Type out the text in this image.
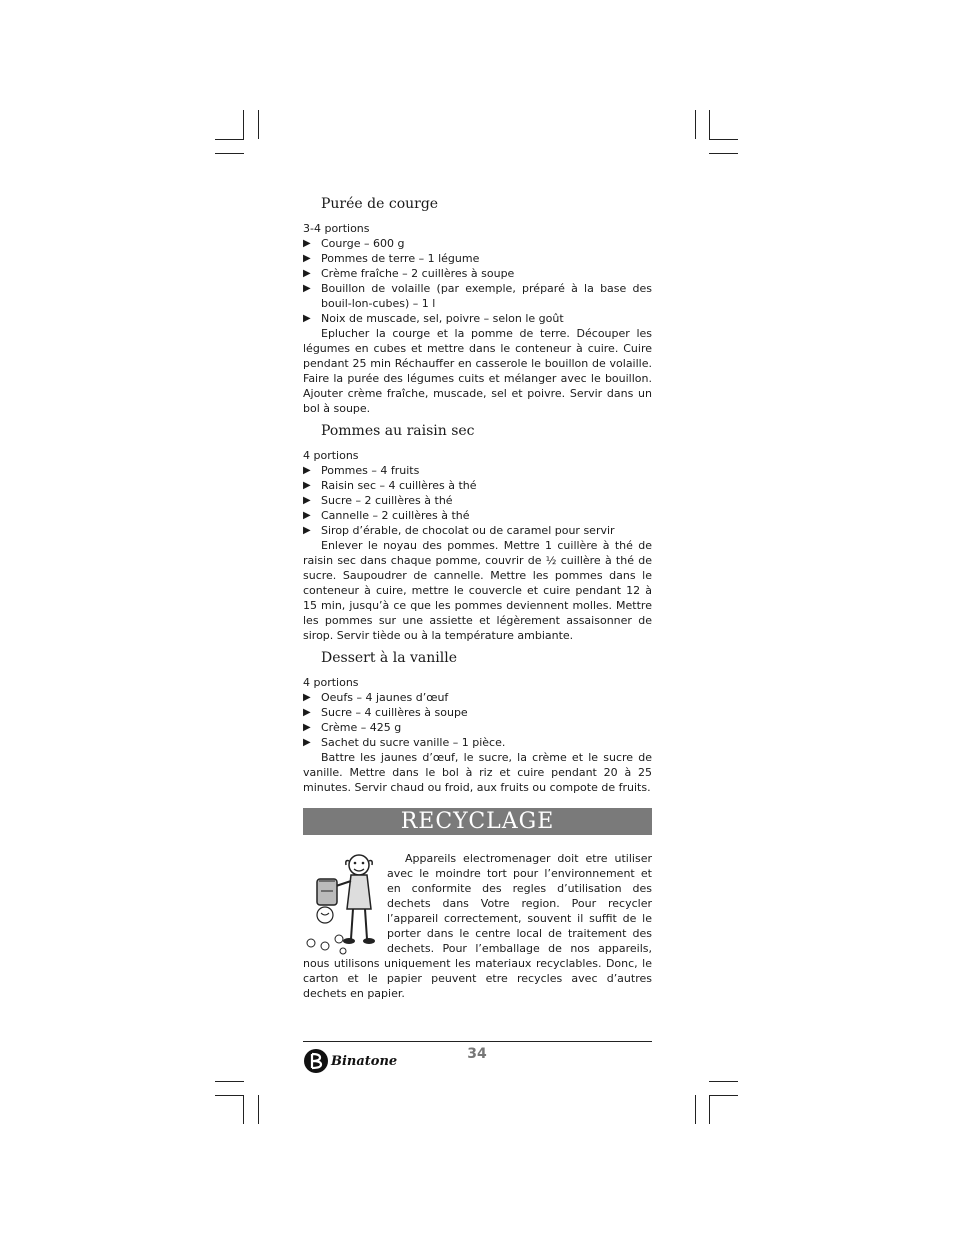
Purée de courge
3-4 portions
▶ Courge – 600 g
▶ Pommes de terre – 1 légume
▶ Crème fraîche – 2 cuillères à soupe
▶ Bouillon de volaille (par exemple, préparé à la base des bouil-lon-cubes) – 1 l
▶ Noix de muscade, sel, poivre – selon le goût

Eplucher la courge et la pomme de terre. Découper les légumes en cubes et mettre dans le conteneur à cuire. Cuire pendant 25 min Réchauffer en casserole le bouillon de volaille. Faire la purée des légumes cuits et mélanger avec le bouillon. Ajouter crème fraîche, muscade, sel et poivre. Servir dans un bol à soupe.

Pommes au raisin sec
4 portions
▶ Pommes – 4 fruits
▶ Raisin sec – 4 cuillères à thé
▶ Sucre – 2 cuillères à thé
▶ Cannelle – 2 cuillères à thé
▶ Sirop d’érable, de chocolat ou de caramel pour servir

Enlever le noyau des pommes. Mettre 1 cuillère à thé de raisin sec dans chaque pomme, couvrir de ½ cuillère à thé de sucre. Saupoudrer de cannelle. Mettre les pommes dans le conteneur à cuire, mettre le couvercle et cuire pendant 12 à 15 min, jusqu’à ce que les pommes deviennent molles. Mettre les pommes sur une assiette et légèrement assaisonner de sirop. Servir tiède ou à la température ambiante.

Dessert à la vanille
4 portions
▶ Oeufs – 4 jaunes d’œuf
▶ Sucre – 4 cuillères à soupe
▶ Crème – 425 g
▶ Sachet du sucre vanille – 1 pièce.

Battre les jaunes d’œuf, le sucre, la crème et le sucre de vanille. Mettre dans le bol à riz et cuire pendant 20 à 25 minutes. Servir chaud ou froid, aux fruits ou compote de fruits.

RECYCLAGE
Appareils electromenager doit etre utiliser avec le moindre tort pour l’environnement et en conformite des regles d’utilisation des dechets dans Votre region. Pour recycler l’appareil correctement, souvent il suffit de le porter dans le centre local de traitement des dechets. Pour l’emballage de nos appareils, nous utilisons uniquement les materiaux recyclables. Donc, le carton et le papier peuvent etre recycles avec d’autres dechets en papier.
Binatone	34
